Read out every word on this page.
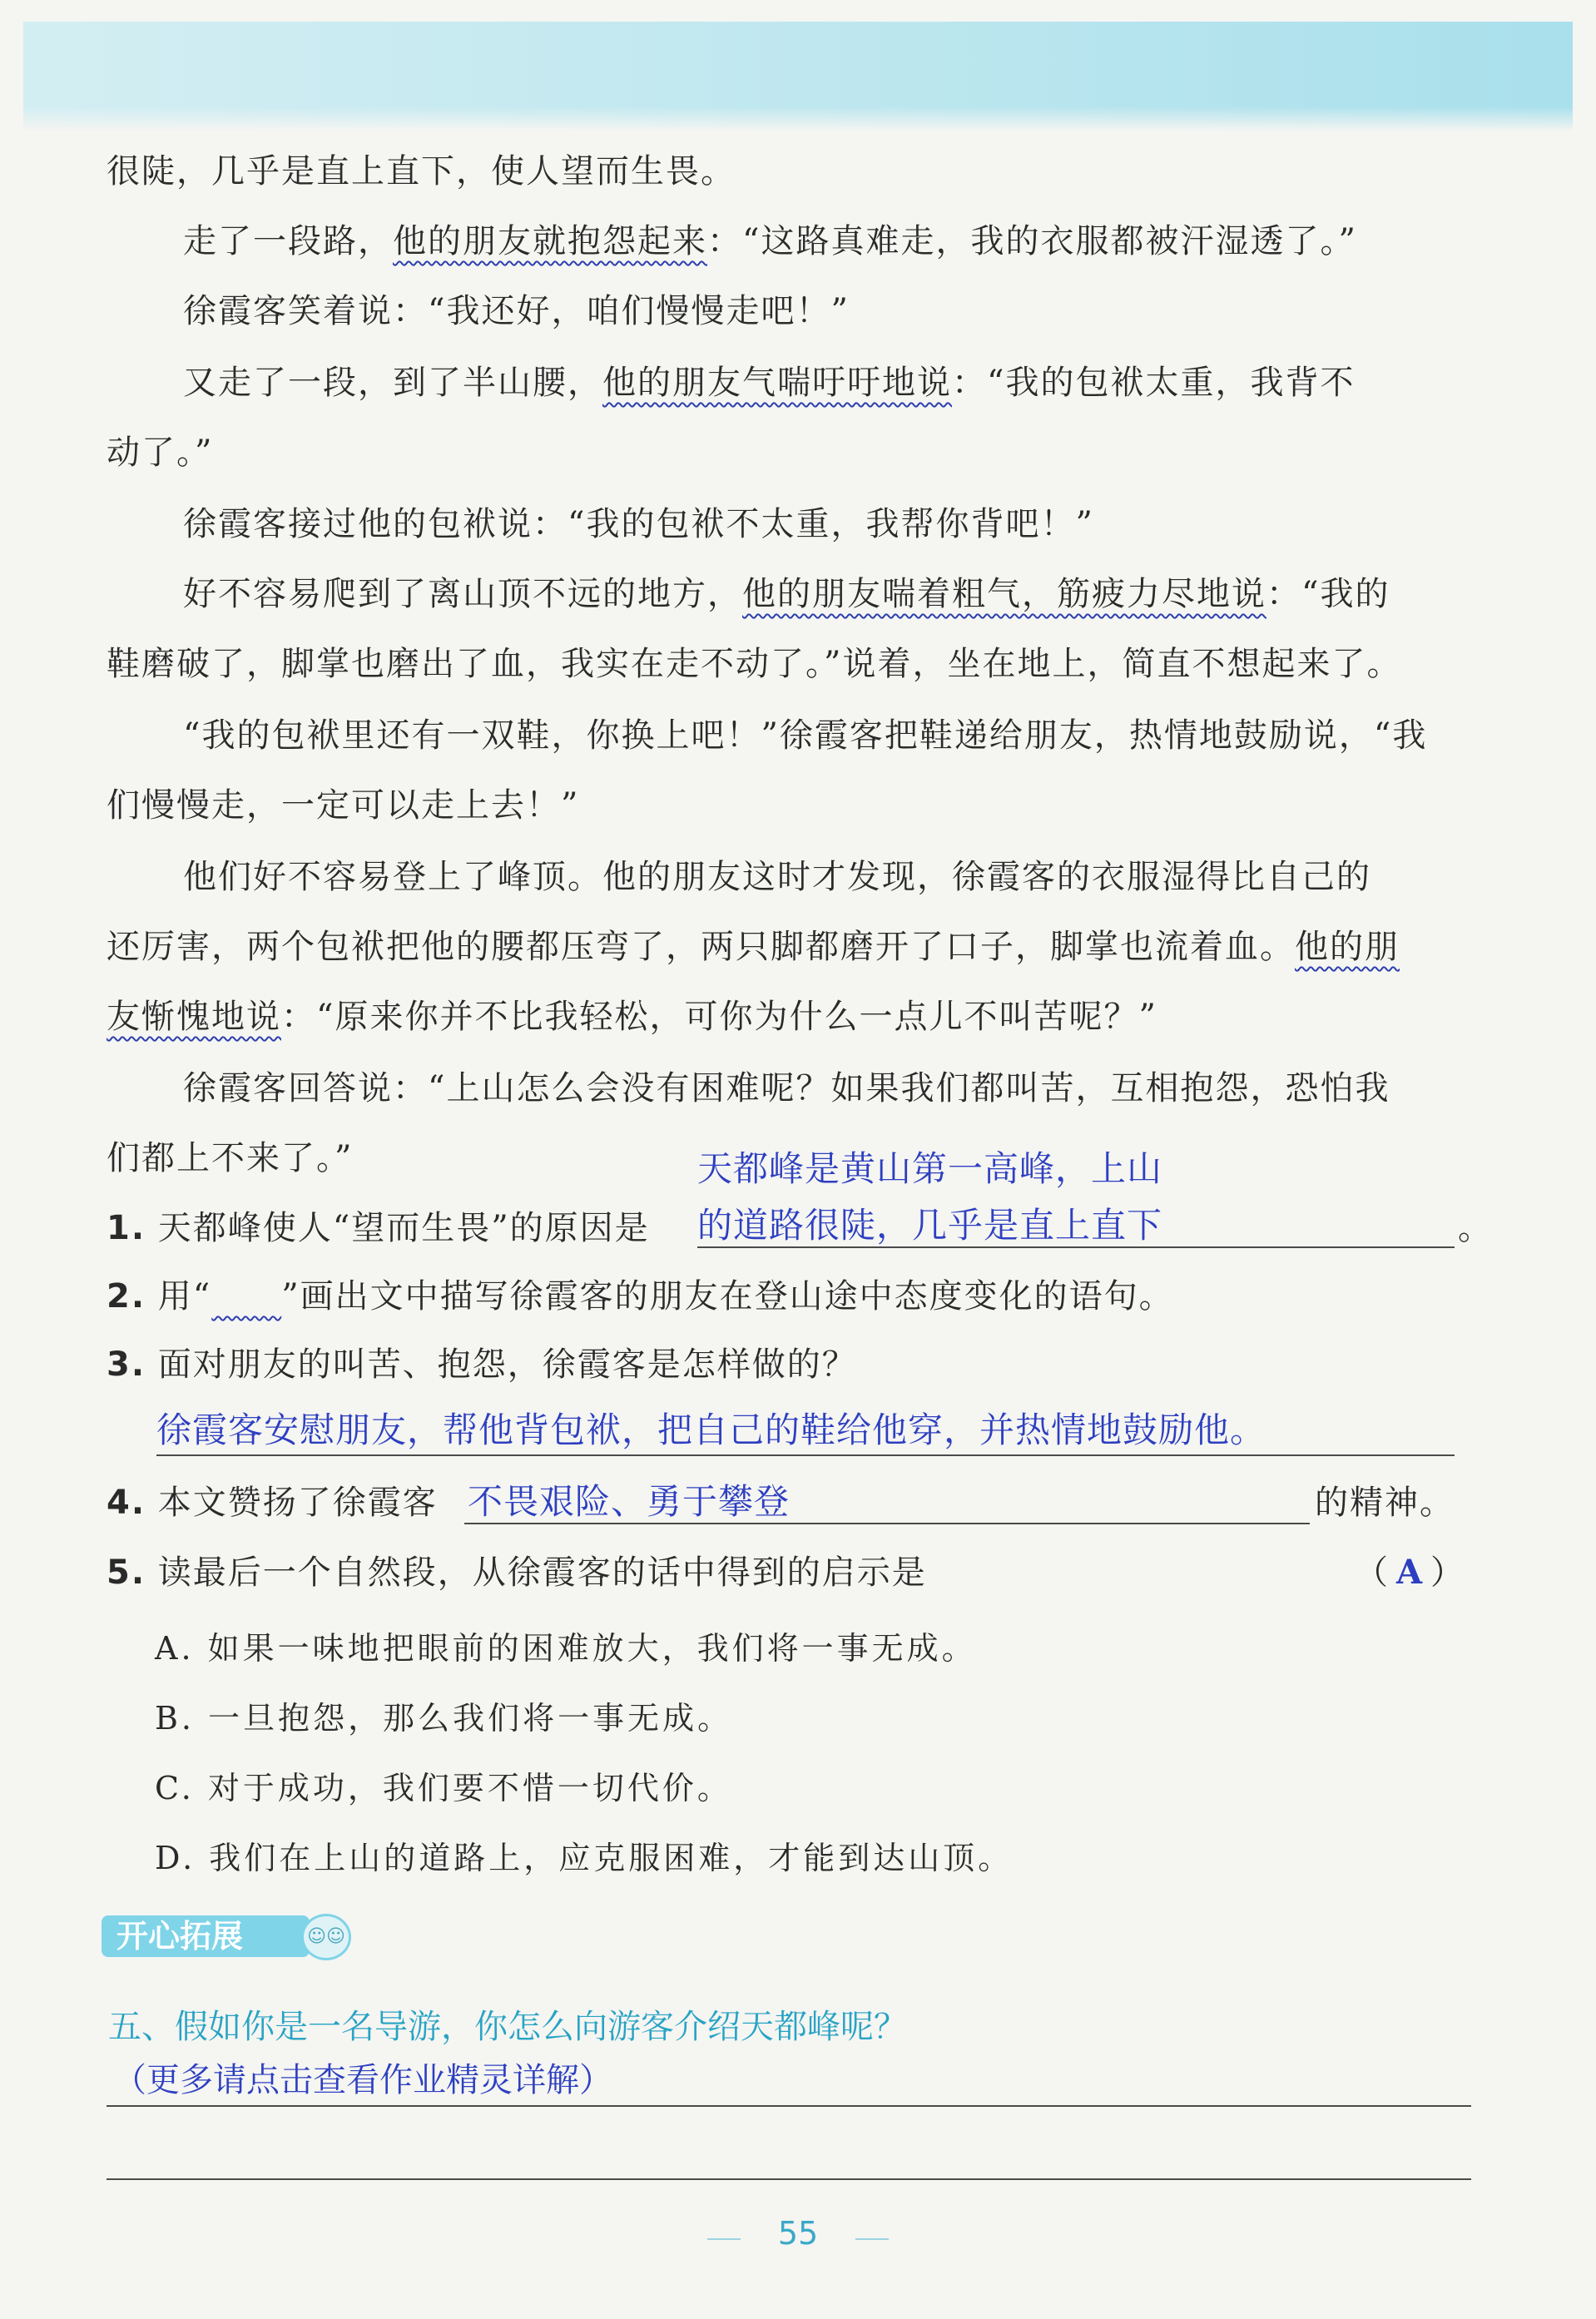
很陡，几乎是直上直下，使人望而生畏。
走了一段路，他的朋友就抱怨起来：“这路真难走，我的衣服都被汗湿透了。”
徐霞客笑着说：“我还好，咱们慢慢走吧！”
又走了一段，到了半山腰，他的朋友气喘吁吁地说：“我的包袱太重，我背不
动了。”
徐霞客接过他的包袱说：“我的包袱不太重，我帮你背吧！”
好不容易爬到了离山顶不远的地方，他的朋友喘着粗气，筋疲力尽地说：“我的
鞋磨破了，脚掌也磨出了血，我实在走不动了。”说着，坐在地上，简直不想起来了。
“我的包袱里还有一双鞋，你换上吧！”徐霞客把鞋递给朋友，热情地鼓励说，“我
们慢慢走，一定可以走上去！”
他们好不容易登上了峰顶。他的朋友这时才发现，徐霞客的衣服湿得比自己的
还厉害，两个包袱把他的腰都压弯了，两只脚都磨开了口子，脚掌也流着血。他的朋
友惭愧地说：“原来你并不比我轻松，可你为什么一点儿不叫苦呢？”
徐霞客回答说：“上山怎么会没有困难呢？如果我们都叫苦，互相抱怨，恐怕我
们都上不来了。”	天都峰是黄山第一高峰，上山
1. 天都峰使人“望而生畏”的原因是 的道路很陡，几乎是直上直下	。
2. 用“　　 ”画出文中描写徐霞客的朋友在登山途中态度变化的语句。
3. 面对朋友的叫苦、抱怨，徐霞客是怎样做的？
徐霞客安慰朋友，帮他背包袱，把自己的鞋给他穿，并热情地鼓励他。
4. 本文赞扬了徐霞客 不畏艰险、勇于攀登	的精神。
5. 读最后一个自然段，从徐霞客的话中得到的启示是	（ A ）
A. 如果一味地把眼前的困难放大，我们将一事无成。
B. 一旦抱怨，那么我们将一事无成。
C. 对于成功，我们要不惜一切代价。
D. 我们在上山的道路上，应克服困难，才能到达山顶。
开心拓展	☺☺
五、假如你是一名导游，你怎么向游客介绍天都峰呢？
（更多请点击查看作业精灵详解）
55
